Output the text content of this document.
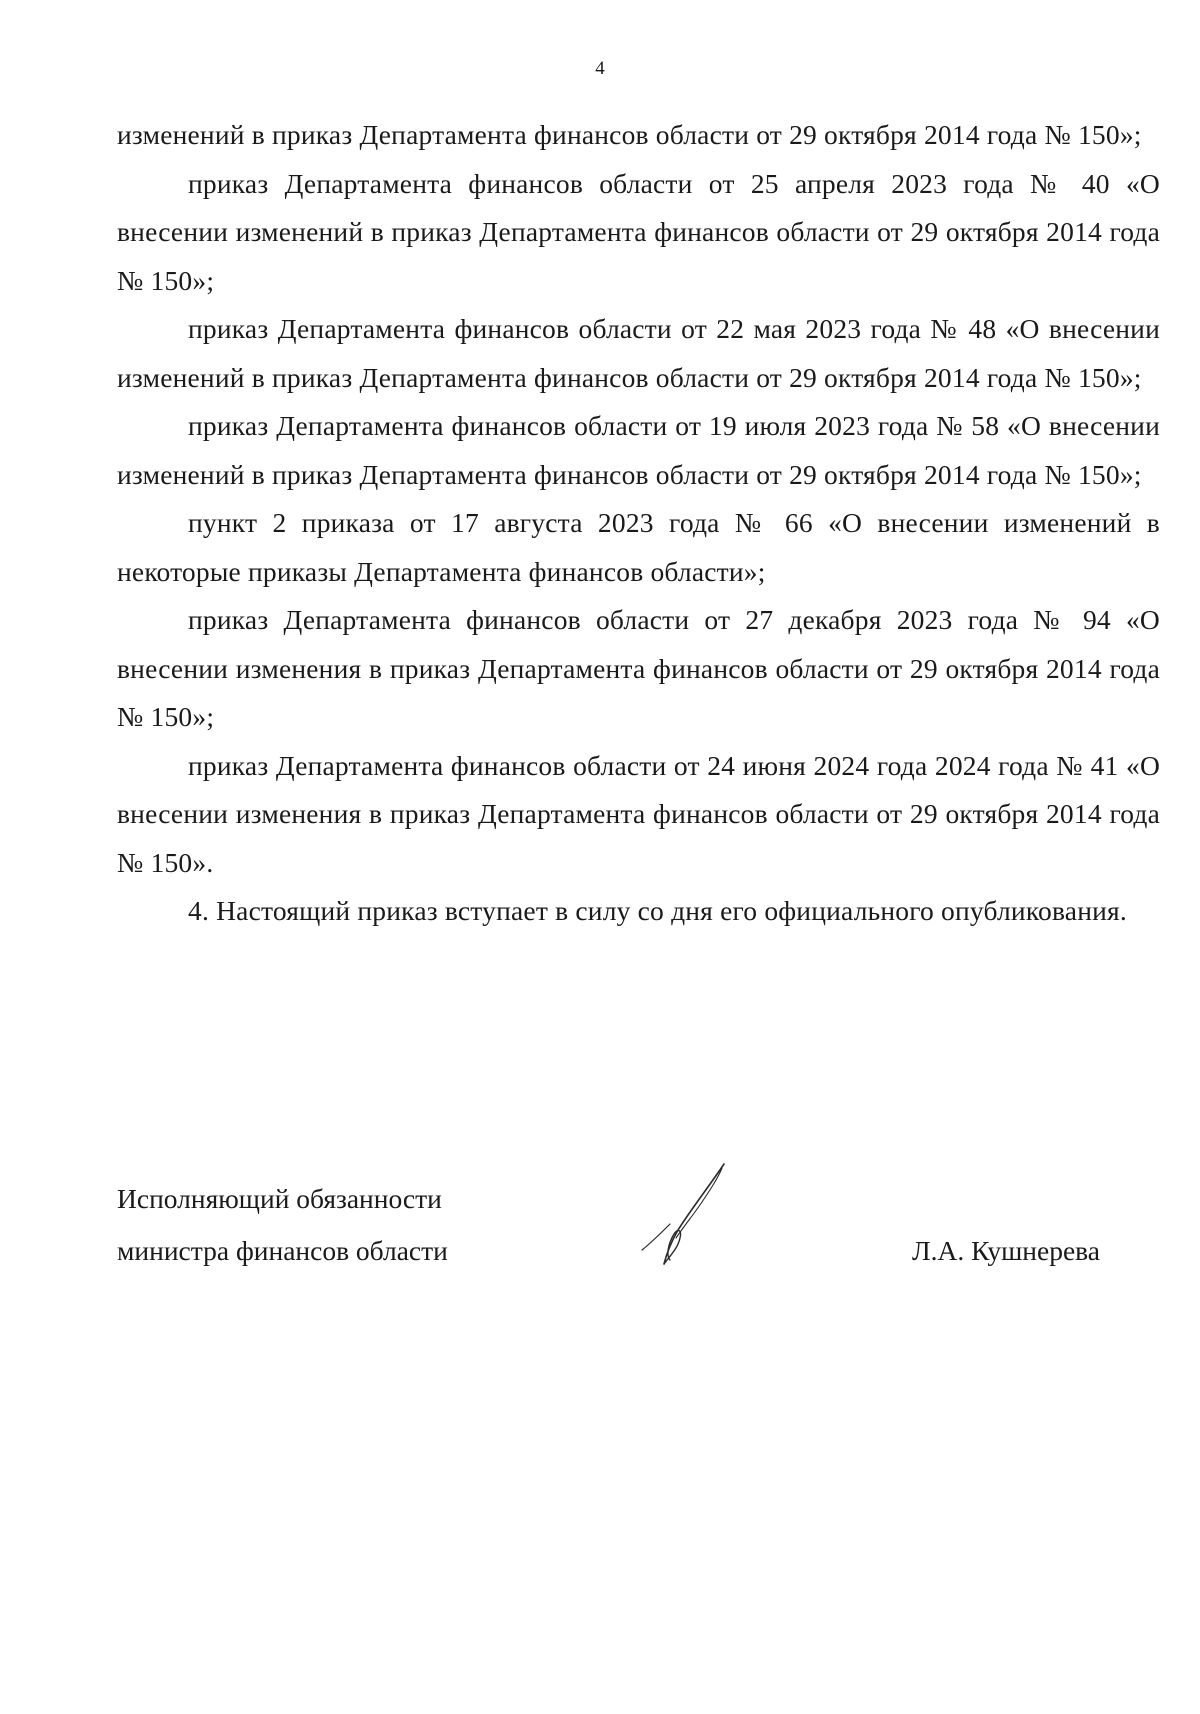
4

изменений в приказ Департамента финансов области от 29 октября 2014 года № 150»;

приказ Департамента финансов области от 25 апреля 2023 года № 40 «О внесении изменений в приказ Департамента финансов области от 29 октября 2014 года № 150»;

приказ Департамента финансов области от 22 мая 2023 года № 48 «О внесении изменений в приказ Департамента финансов области от 29 октября 2014 года № 150»;

приказ Департамента финансов области от 19 июля 2023 года № 58 «О внесении изменений в приказ Департамента финансов области от 29 октября 2014 года № 150»;

пункт 2 приказа от 17 августа 2023 года № 66 «О внесении изменений в некоторые приказы Департамента финансов области»;

приказ Департамента финансов области от 27 декабря 2023 года № 94 «О внесении изменения в приказ Департамента финансов области от 29 октября 2014 года № 150»;

приказ Департамента финансов области от 24 июня 2024 года 2024 года № 41 «О внесении изменения в приказ Департамента финансов области от 29 октября 2014 года № 150».

4. Настоящий приказ вступает в силу со дня его официального опубликования.

Исполняющий обязанности
министра финансов области	Л.А. Кушнерева
